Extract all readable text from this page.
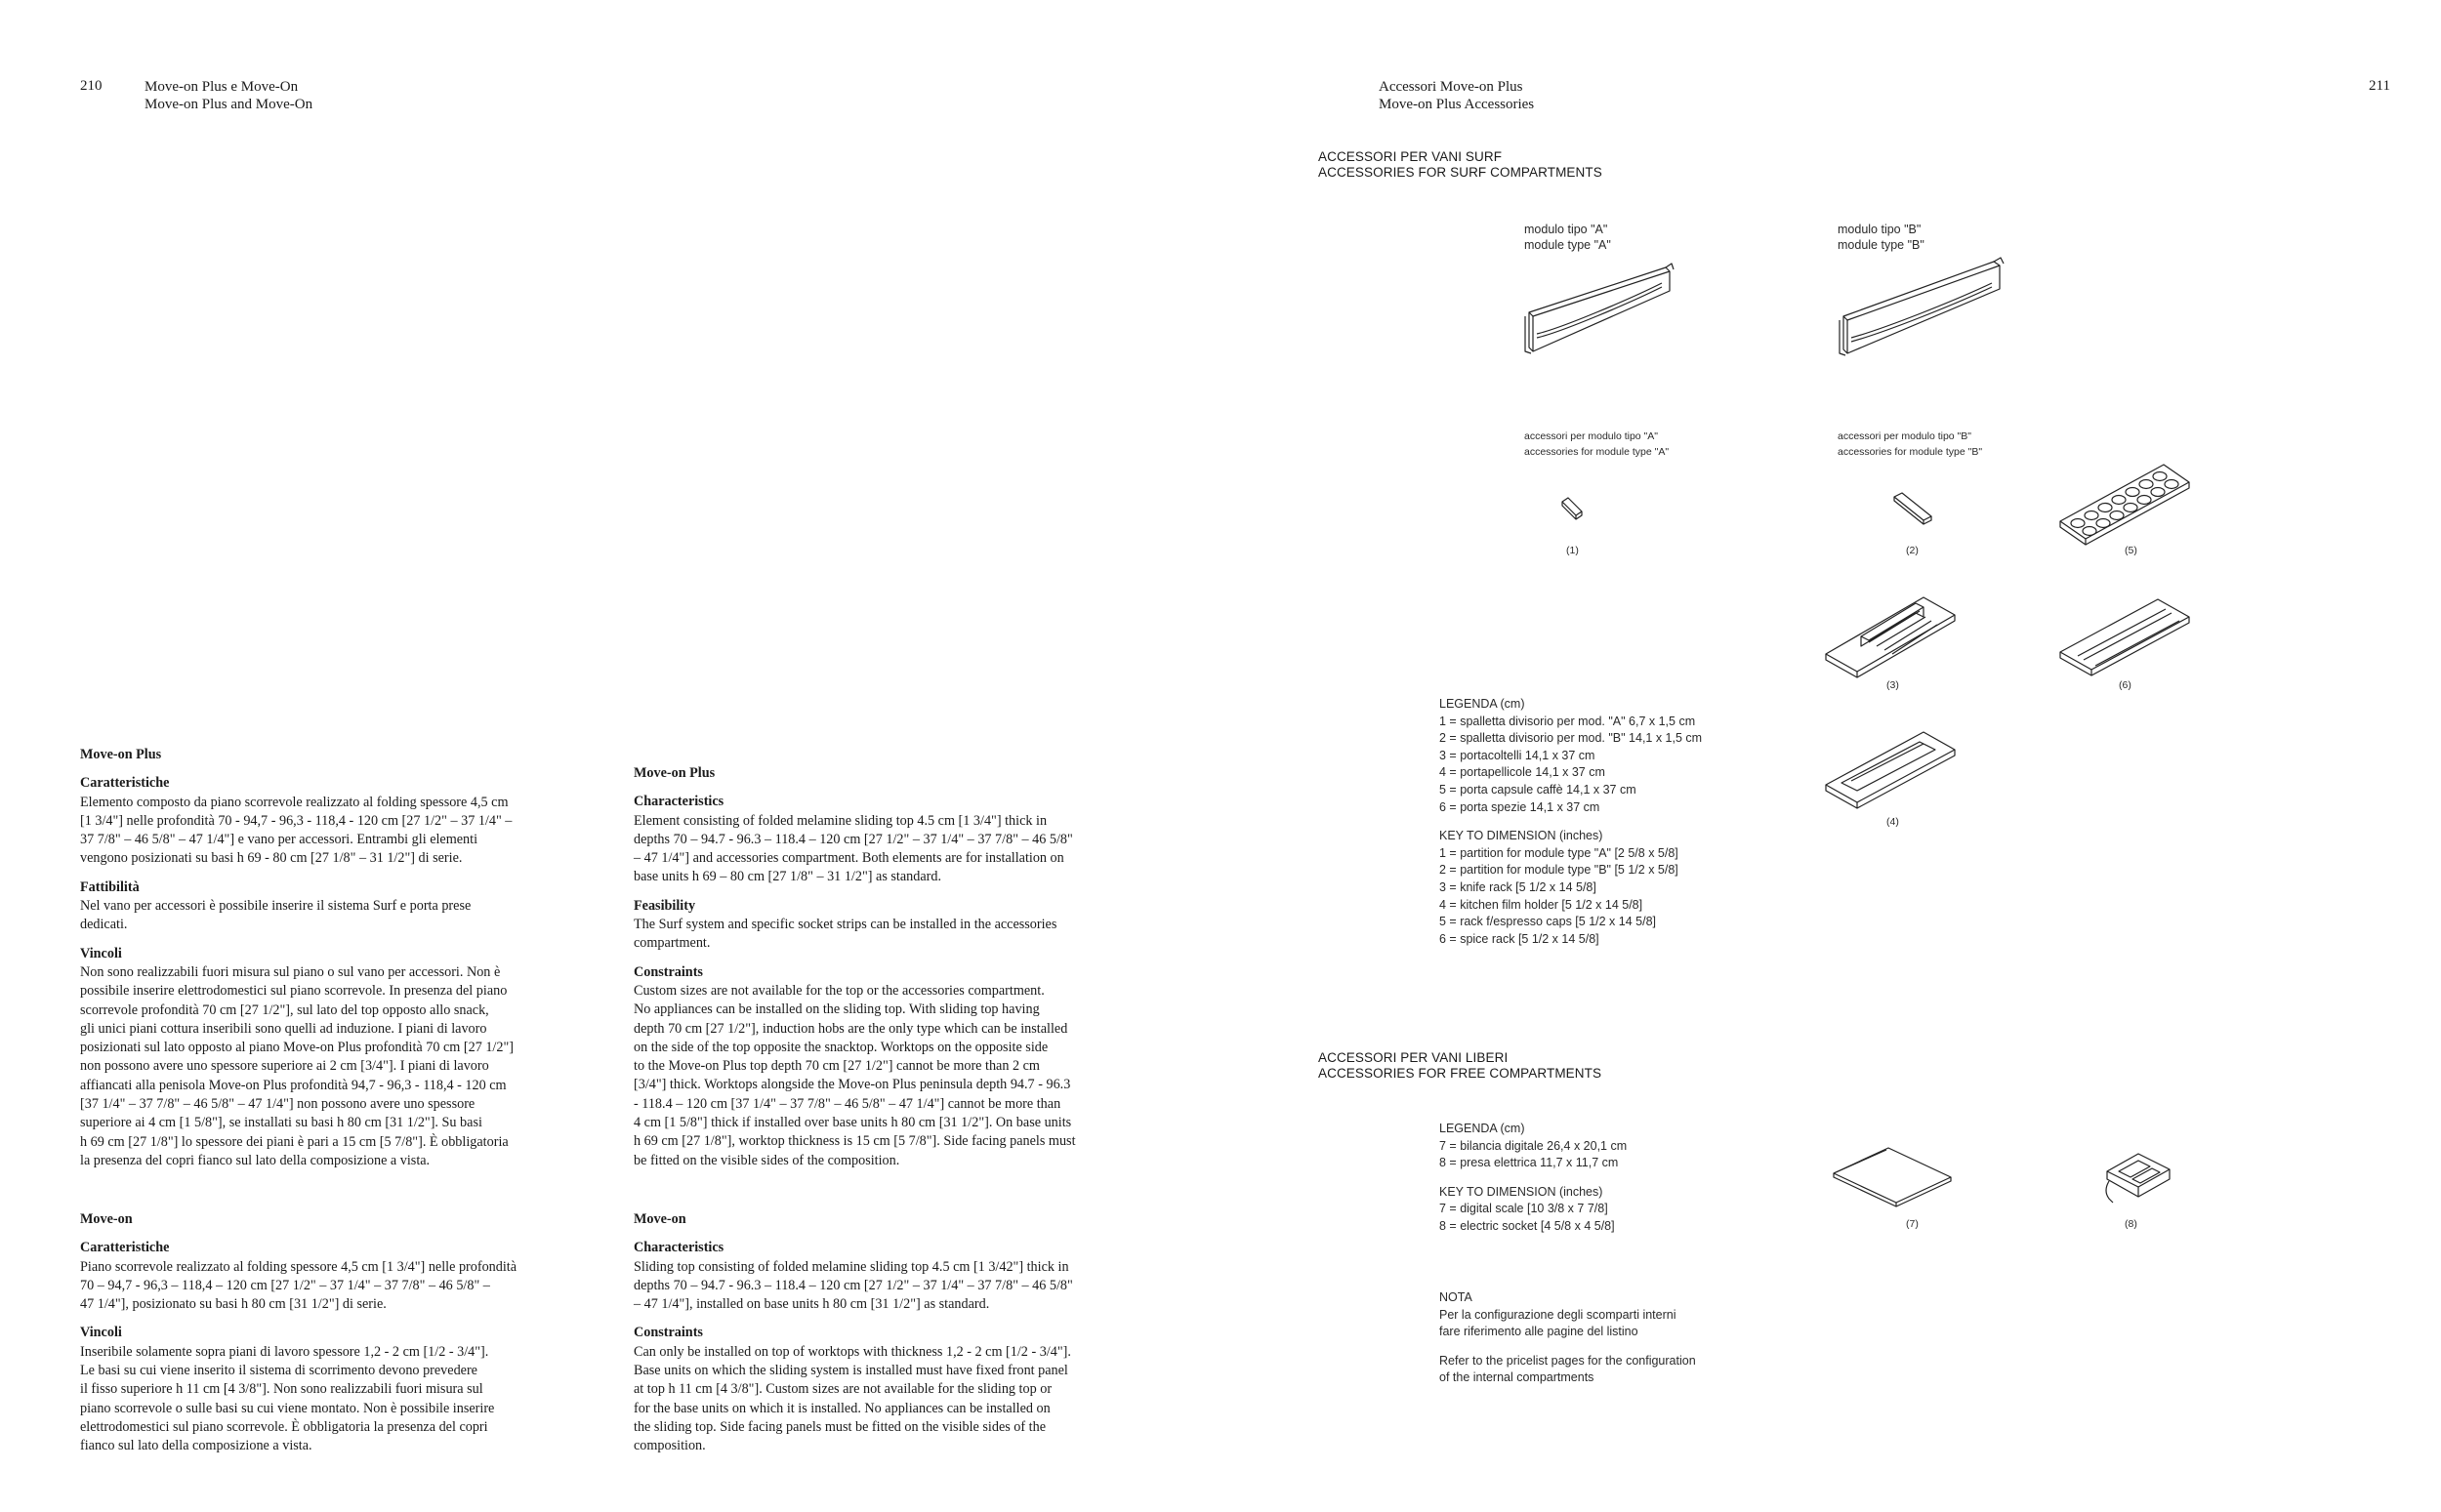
210	Move-on Plus e Move-On
Move-on Plus and Move-On
Accessori Move-on Plus
Move-on Plus Accessories
211
Move-on Plus
Caratteristiche

Elemento composto da piano scorrevole realizzato al folding spessore 4,5 cm
[1 3/4"] nelle profondità 70 - 94,7 - 96,3 - 118,4 - 120 cm [27 1/2" – 37 1/4" –
37 7/8" – 46 5/8" – 47 1/4"] e vano per accessori. Entrambi gli elementi
vengono posizionati su basi h 69 - 80 cm [27 1/8" – 31 1/2"] di serie.

Fattibilità

Nel vano per accessori è possibile inserire il sistema Surf e porta prese
dedicati.

Vincoli

Non sono realizzabili fuori misura sul piano o sul vano per accessori. Non è
possibile inserire elettrodomestici sul piano scorrevole. In presenza del piano
scorrevole profondità 70 cm [27 1/2"], sul lato del top opposto allo snack,
gli unici piani cottura inseribili sono quelli ad induzione. I piani di lavoro
posizionati sul lato opposto al piano Move-on Plus profondità 70 cm [27 1/2"]
non possono avere uno spessore superiore ai 2 cm [3/4"]. I piani di lavoro
affiancati alla penisola Move-on Plus profondità 94,7 - 96,3 - 118,4 - 120 cm
[37 1/4" – 37 7/8" – 46 5/8" – 47 1/4"] non possono avere uno spessore
superiore ai 4 cm [1 5/8"], se installati su basi h 80 cm [31 1/2"]. Su basi
h 69 cm [27 1/8"] lo spessore dei piani è pari a 15 cm [5 7/8"]. È obbligatoria
la presenza del copri fianco sul lato della composizione a vista.

Move-on Plus
Characteristics

Element consisting of folded melamine sliding top 4.5 cm [1 3/4"] thick in
depths 70 – 94.7 - 96.3 – 118.4 – 120 cm [27 1/2" – 37 1/4" – 37 7/8" – 46 5/8"
– 47 1/4"] and accessories compartment. Both elements are for installation on
base units h 69 – 80 cm [27 1/8" – 31 1/2"] as standard.

Feasibility

The Surf system and specific socket strips can be installed in the accessories
compartment.

Constraints

Custom sizes are not available for the top or the accessories compartment.
No appliances can be installed on the sliding top. With sliding top having
depth 70 cm [27 1/2"], induction hobs are the only type which can be installed
on the side of the top opposite the snacktop. Worktops on the opposite side
to the Move-on Plus top depth 70 cm [27 1/2"] cannot be more than 2 cm
[3/4"] thick. Worktops alongside the Move-on Plus peninsula depth 94.7 - 96.3
- 118.4 – 120 cm [37 1/4" – 37 7/8" – 46 5/8" – 47 1/4"] cannot be more than
4 cm [1 5/8"] thick if installed over base units h 80 cm [31 1/2"]. On base units
h 69 cm [27 1/8"], worktop thickness is 15 cm [5 7/8"]. Side facing panels must
be fitted on the visible sides of the composition.

Move-on
Caratteristiche

Piano scorrevole realizzato al folding spessore 4,5 cm [1 3/4"] nelle profondità
70 – 94,7 - 96,3 – 118,4 – 120 cm [27 1/2" – 37 1/4" – 37 7/8" – 46 5/8" –
47 1/4"], posizionato su basi h 80 cm [31 1/2"] di serie.

Vincoli

Inseribile solamente sopra piani di lavoro spessore 1,2 - 2 cm [1/2 - 3/4"].
Le basi su cui viene inserito il sistema di scorrimento devono prevedere
il fisso superiore h 11 cm [4 3/8"]. Non sono realizzabili fuori misura sul
piano scorrevole o sulle basi su cui viene montato. Non è possibile inserire
elettrodomestici sul piano scorrevole. È obbligatoria la presenza del copri
fianco sul lato della composizione a vista.

Move-on
Characteristics

Sliding top consisting of folded melamine sliding top 4.5 cm [1 3/42"] thick in
depths 70 – 94.7 - 96.3 – 118.4 – 120 cm [27 1/2" – 37 1/4" – 37 7/8" – 46 5/8"
– 47 1/4"], installed on base units h 80 cm [31 1/2"] as standard.

Constraints

Can only be installed on top of worktops with thickness 1,2 - 2 cm [1/2 - 3/4"].
Base units on which the sliding system is installed must have fixed front panel
at top h 11 cm [4 3/8"]. Custom sizes are not available for the sliding top or
for the base units on which it is installed. No appliances can be installed on
the sliding top. Side facing panels must be fitted on the visible sides of the
composition.

ACCESSORI PER VANI SURF
ACCESSORIES FOR SURF COMPARTMENTS
modulo tipo "A"
module type "A"
modulo tipo "B"
module type "B"
accessori per modulo tipo "A"
accessories for module type "A"
accessori per modulo tipo "B"
accessories for module type "B"
(1)	(2)	(5)
(3)	(6)
(4)
LEGENDA (cm)
1 = spalletta divisorio per mod. "A" 6,7 x 1,5 cm
2 = spalletta divisorio per mod. "B" 14,1 x 1,5 cm
3 = portacoltelli 14,1 x 37 cm
4 = portapellicole 14,1 x 37 cm
5 = porta capsule caffè 14,1 x 37 cm
6 = porta spezie 14,1 x 37 cm
KEY TO DIMENSION (inches)
1 = partition for module type "A" [2 5/8 x 5/8]
2 = partition for module type "B" [5 1/2 x 5/8]
3 = knife rack [5 1/2 x 14 5/8]
4 = kitchen film holder [5 1/2 x 14 5/8]
5 = rack f/espresso caps [5 1/2 x 14 5/8]
6 = spice rack [5 1/2 x 14 5/8]
ACCESSORI PER VANI LIBERI
ACCESSORIES FOR FREE COMPARTMENTS
LEGENDA (cm)
7 = bilancia digitale 26,4 x 20,1 cm
8 = presa elettrica 11,7 x 11,7 cm
KEY TO DIMENSION (inches)
7 = digital scale [10 3/8 x 7 7/8]
8 = electric socket [4 5/8 x 4 5/8]	(7)	(8)
NOTA
Per la configurazione degli scomparti interni
fare riferimento alle pagine del listino
Refer to the pricelist pages for the configuration
of the internal compartments
